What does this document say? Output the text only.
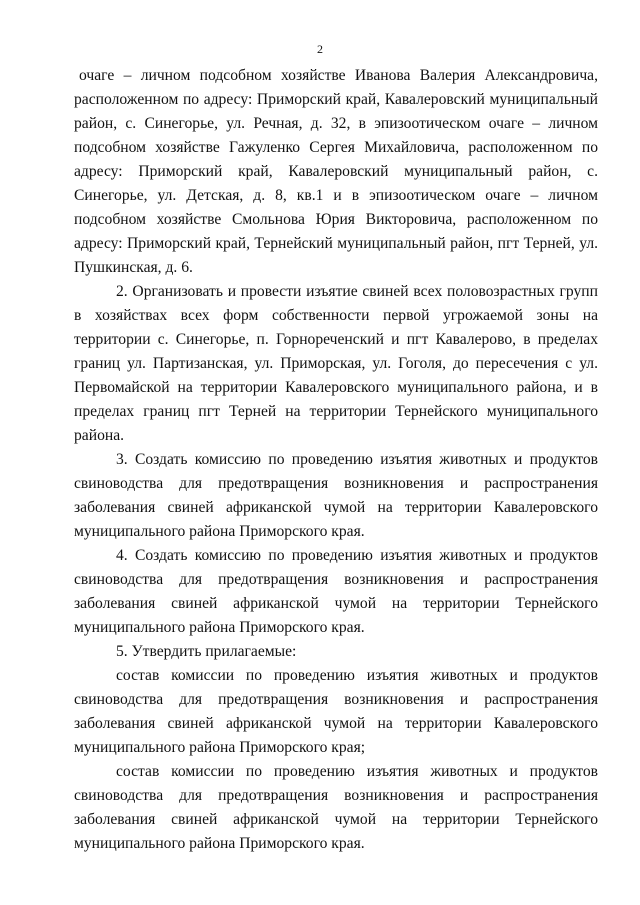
2

очаге – личном подсобном хозяйстве Иванова Валерия Александровича, расположенном по адресу: Приморский край, Кавалеровский муниципальный район, с. Синегорье, ул. Речная, д. 32, в эпизоотическом очаге – личном подсобном хозяйстве Гажуленко Сергея Михайловича, расположенном по адресу: Приморский край, Кавалеровский муниципальный район, с. Синегорье, ул. Детская, д. 8, кв.1 и в эпизоотическом очаге – личном подсобном хозяйстве Смольнова Юрия Викторовича, расположенном по адресу: Приморский край, Тернейский муниципальный район, пгт Терней, ул. Пушкинская, д. 6.

2. Организовать и провести изъятие свиней всех половозрастных групп в хозяйствах всех форм собственности первой угрожаемой зоны на территории с. Синегорье, п. Горнореченский и пгт Кавалерово, в пределах границ ул. Партизанская, ул. Приморская, ул. Гоголя, до пересечения с ул. Первомайской на территории Кавалеровского муниципального района, и в пределах границ пгт Терней на территории Тернейского муниципального района.

3. Создать комиссию по проведению изъятия животных и продуктов свиноводства для предотвращения возникновения и распространения заболевания свиней африканской чумой на территории Кавалеровского муниципального района Приморского края.

4. Создать комиссию по проведению изъятия животных и продуктов свиноводства для предотвращения возникновения и распространения заболевания свиней африканской чумой на территории Тернейского муниципального района Приморского края.

5. Утвердить прилагаемые:

состав комиссии по проведению изъятия животных и продуктов свиноводства для предотвращения возникновения и распространения заболевания свиней африканской чумой на территории Кавалеровского муниципального района Приморского края;

состав комиссии по проведению изъятия животных и продуктов свиноводства для предотвращения возникновения и распространения заболевания свиней африканской чумой на территории Тернейского муниципального района Приморского края.
